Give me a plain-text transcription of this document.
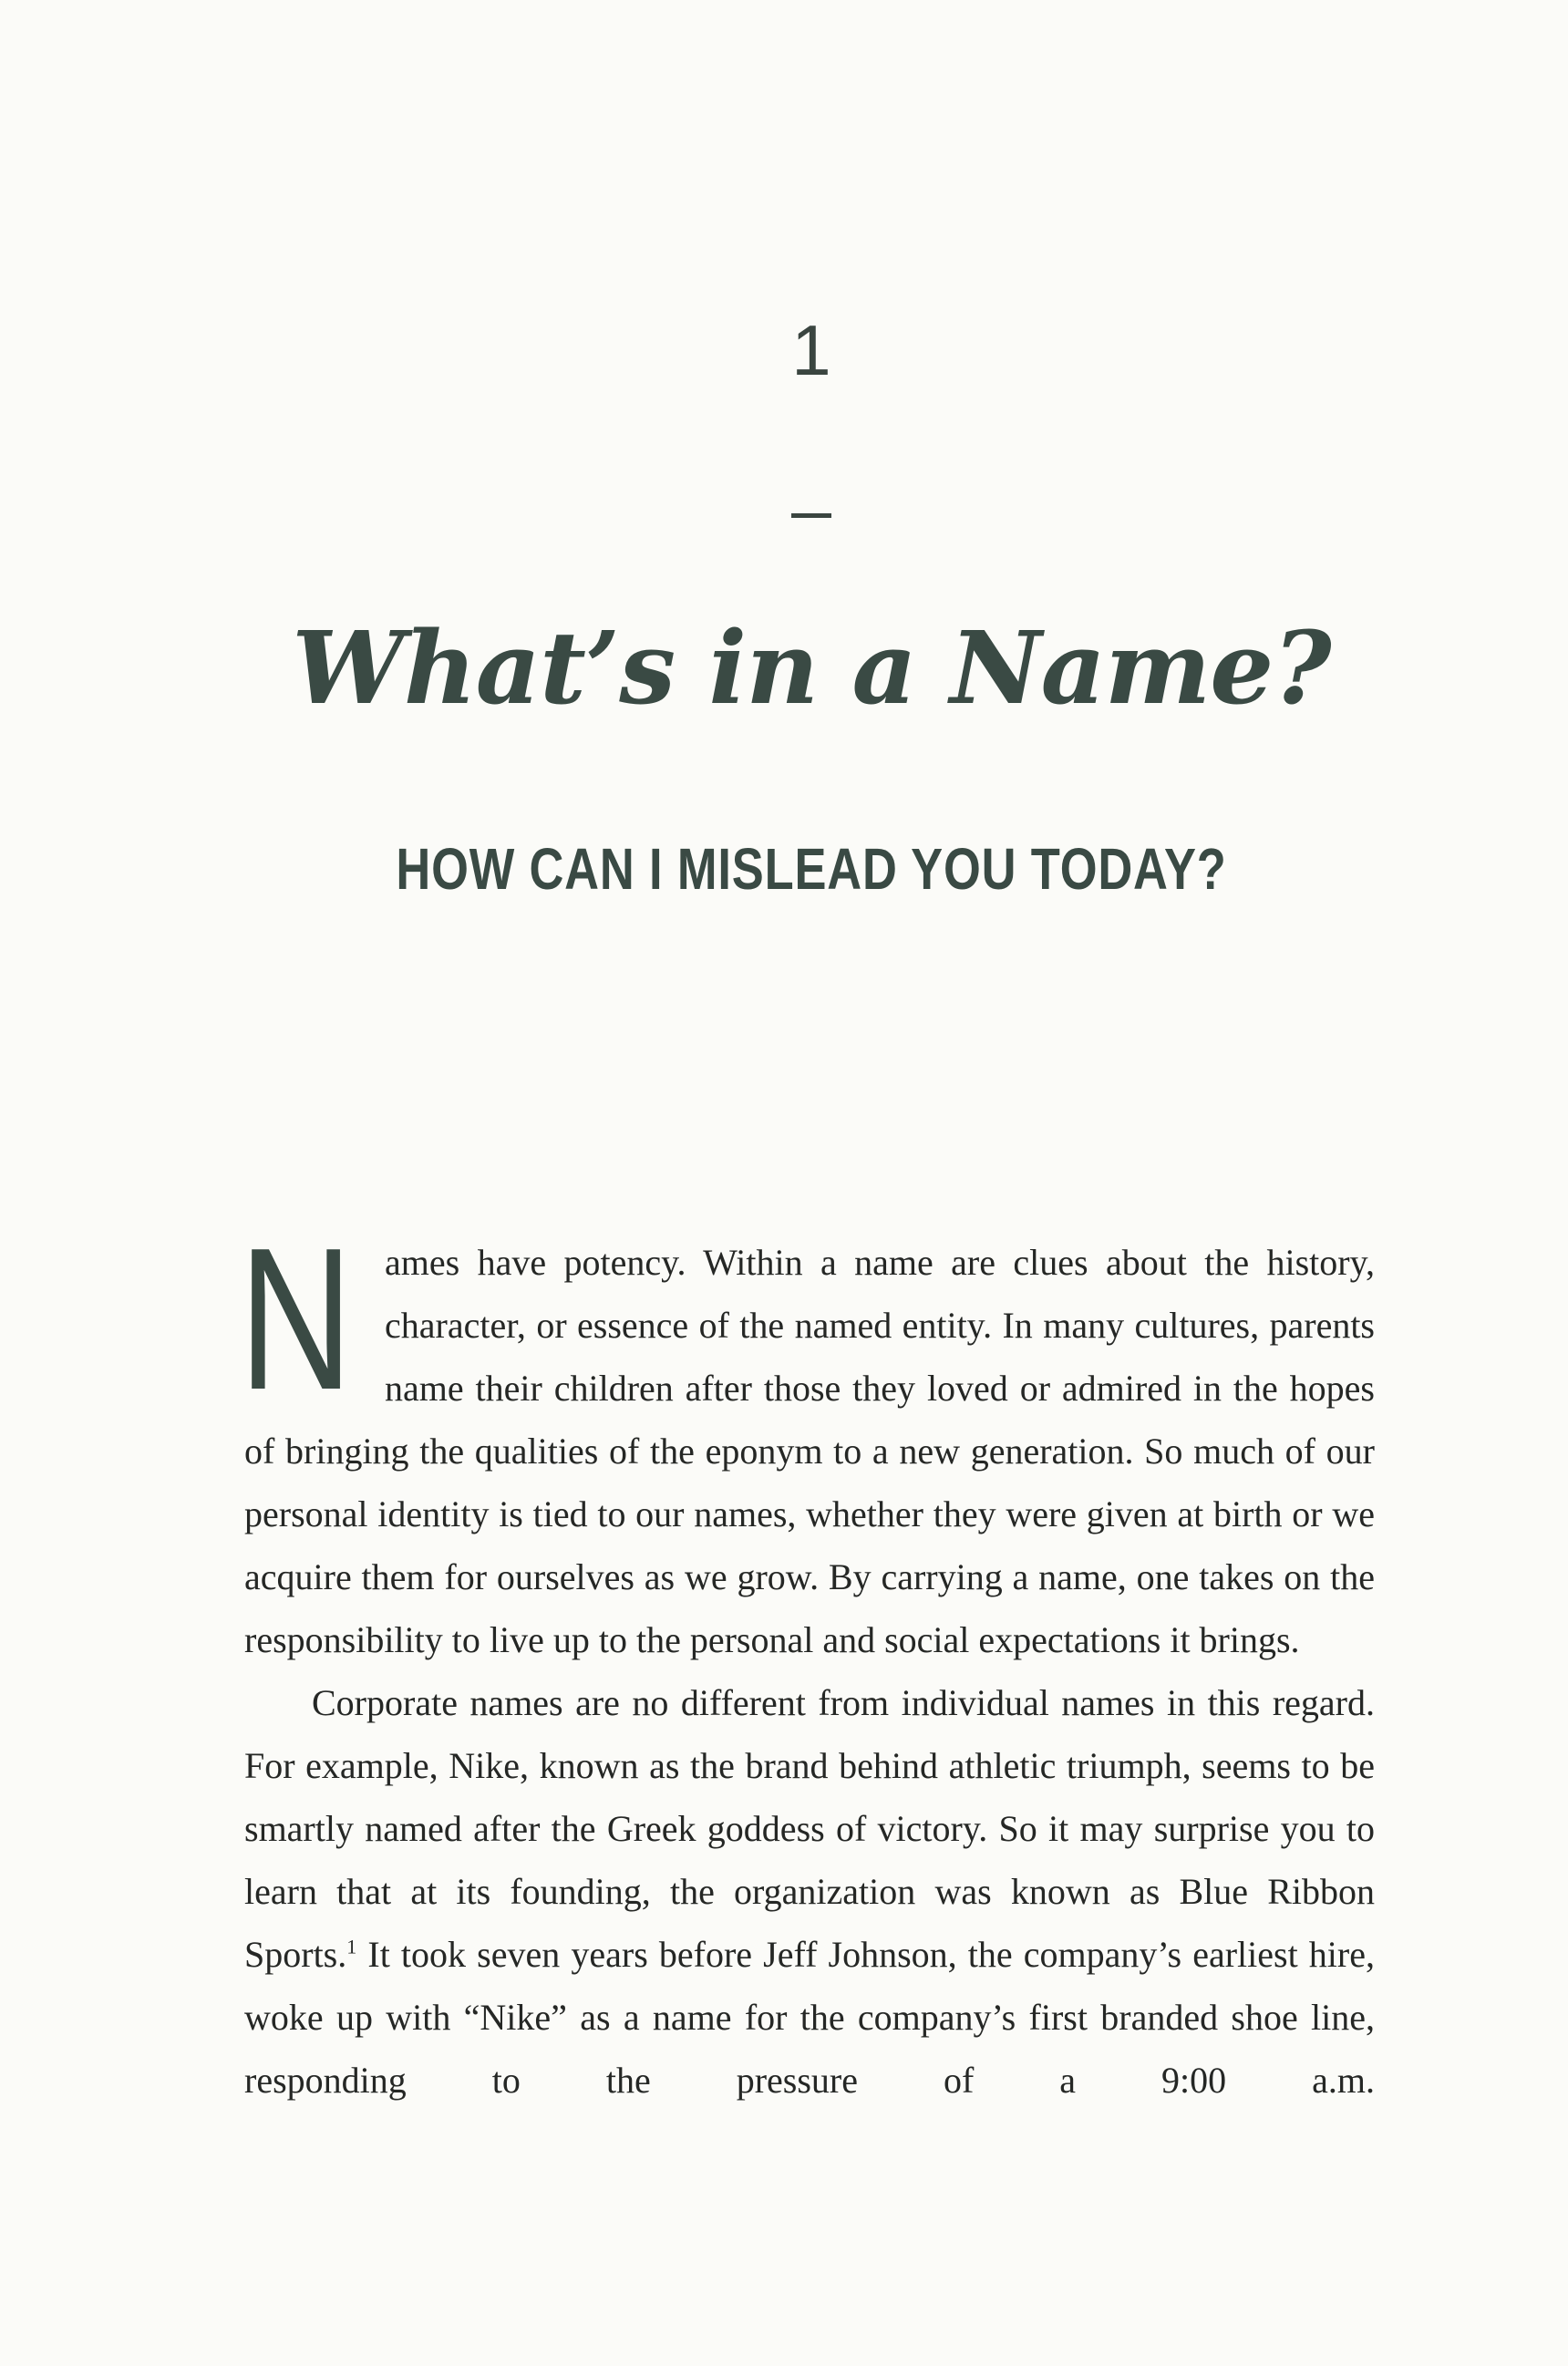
1
What’s in a Name?
HOW CAN I MISLEAD YOU TODAY?

Names have potency. Within a name are clues about the history, character, or essence of the named entity. In many cultures, parents name their children after those they loved or admired in the hopes of bringing the qualities of the eponym to a new generation. So much of our personal identity is tied to our names, whether they were given at birth or we acquire them for ourselves as we grow. By carrying a name, one takes on the responsibility to live up to the personal and social expectations it brings.

Corporate names are no different from individual names in this regard. For example, Nike, known as the brand behind athletic triumph, seems to be smartly named after the Greek goddess of victory. So it may surprise you to learn that at its founding, the organization was known as Blue Ribbon Sports.$^1$ It took seven years before Jeff Johnson, the company’s earliest hire, woke up with “Nike” as a name for the company’s first branded shoe line, responding to the pressure of a 9:00 a.m.
